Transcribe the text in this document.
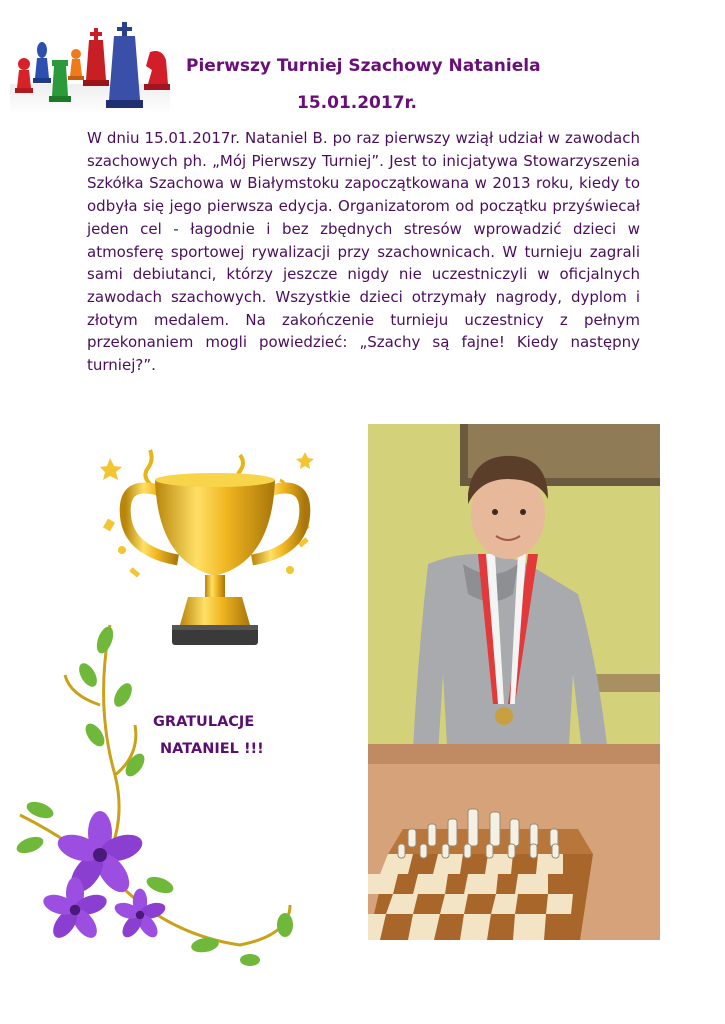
Pierwszy Turniej Szachowy Nataniela
15.01.2017r.

W dniu 15.01.2017r. Nataniel B. po raz pierwszy wziął udział w zawodach szachowych ph. „Mój Pierwszy Turniej”. Jest to inicjatywa Stowarzyszenia Szkółka Szachowa w Białymstoku zapoczątkowana w 2013 roku, kiedy to odbyła się jego pierwsza edycja. Organizatorom od początku przyświecał jeden cel - łagodnie i bez zbędnych stresów wprowadzić dzieci w atmosferę sportowej rywalizacji przy szachownicach. W turnieju zagrali sami debiutanci, którzy jeszcze nigdy nie uczestniczyli w oficjalnych zawodach szachowych. Wszystkie dzieci otrzymały nagrody, dyplom i złotym medalem. Na zakończenie turnieju uczestnicy z pełnym przekonaniem mogli powiedzieć: „Szachy są fajne! Kiedy następny turniej?”.

GRATULACJE
NATANIEL !!!
